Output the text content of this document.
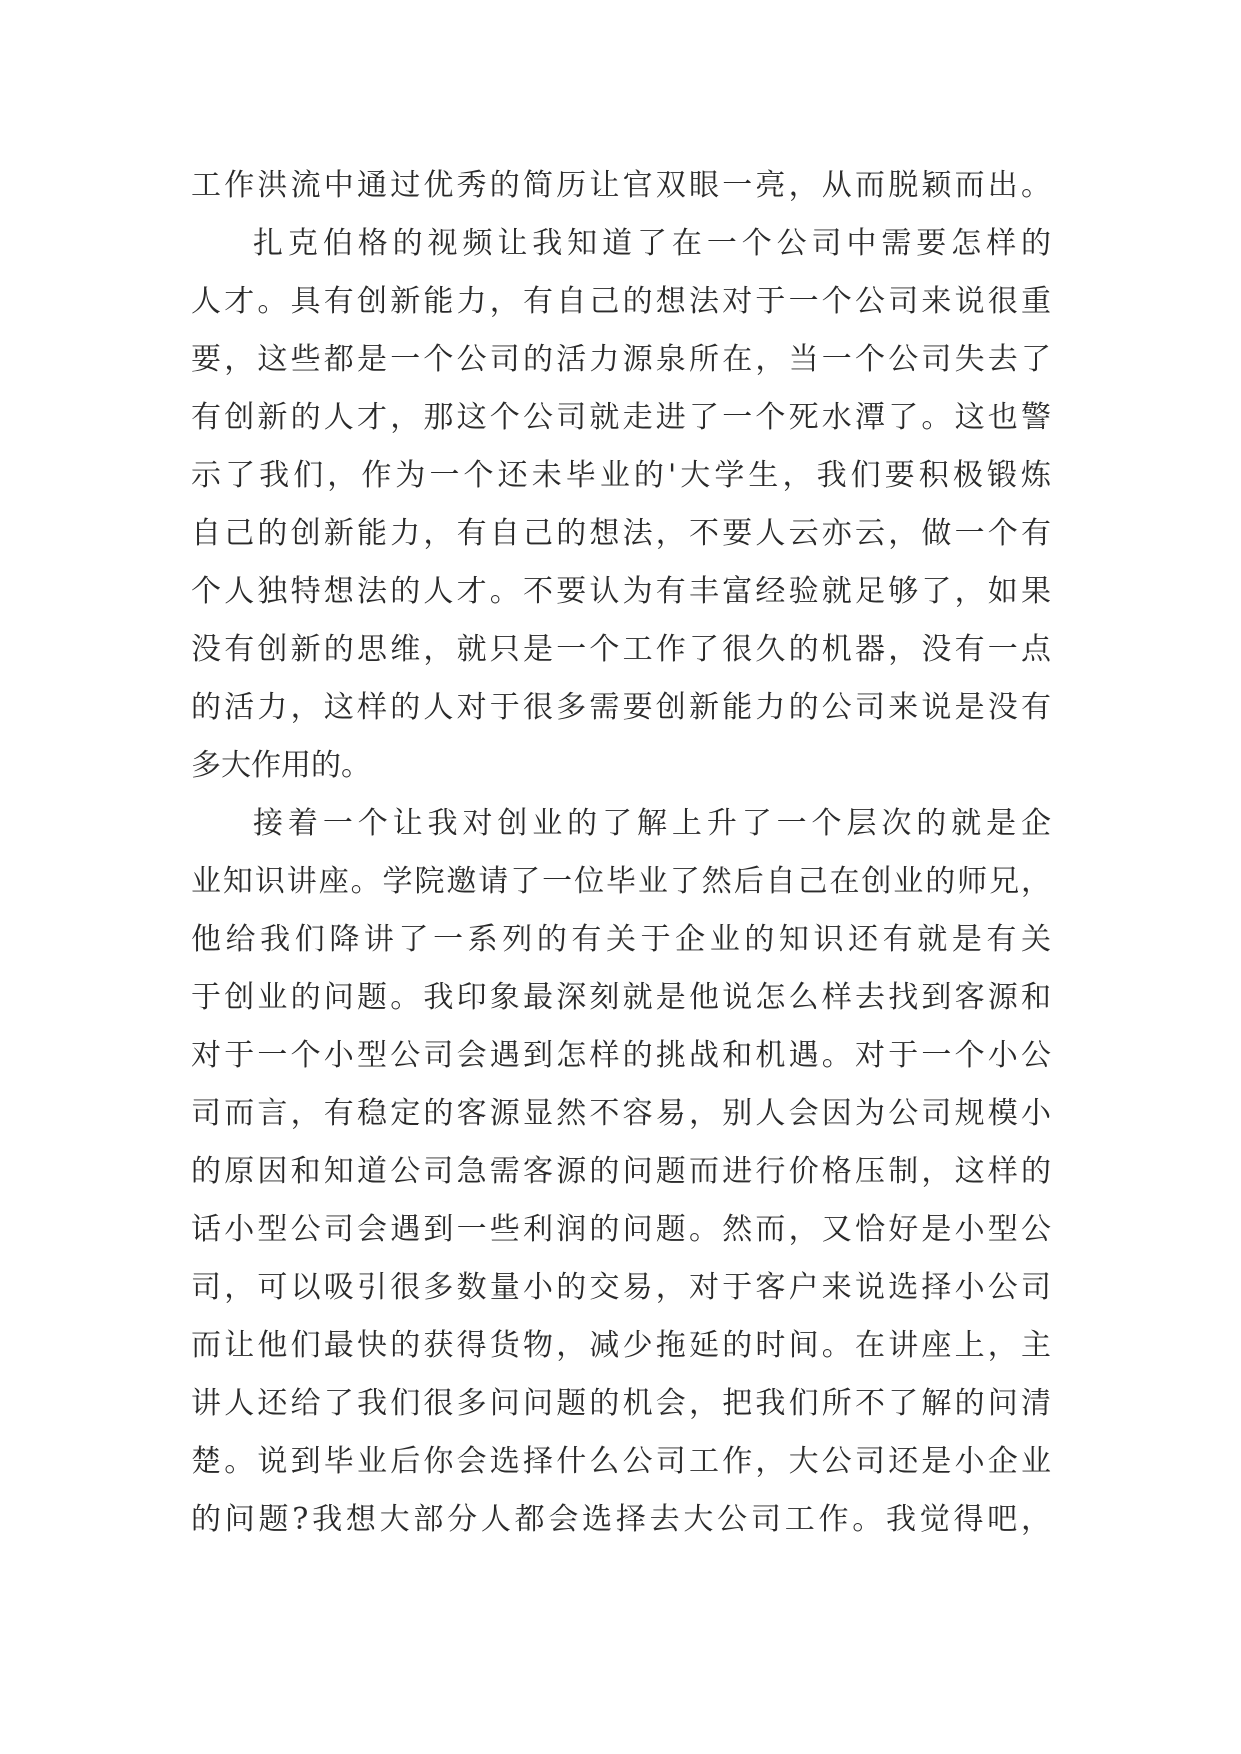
工作洪流中通过优秀的简历让官双眼一亮，从而脱颖而出。
扎克伯格的视频让我知道了在一个公司中需要怎样的
人才。具有创新能力，有自己的想法对于一个公司来说很重
要，这些都是一个公司的活力源泉所在，当一个公司失去了
有创新的人才，那这个公司就走进了一个死水潭了。这也警
示了我们，作为一个还未毕业的'大学生，我们要积极锻炼
自己的创新能力，有自己的想法，不要人云亦云，做一个有
个人独特想法的人才。不要认为有丰富经验就足够了，如果
没有创新的思维，就只是一个工作了很久的机器，没有一点
的活力，这样的人对于很多需要创新能力的公司来说是没有
多大作用的。
接着一个让我对创业的了解上升了一个层次的就是企
业知识讲座。学院邀请了一位毕业了然后自己在创业的师兄，
他给我们降讲了一系列的有关于企业的知识还有就是有关
于创业的问题。我印象最深刻就是他说怎么样去找到客源和
对于一个小型公司会遇到怎样的挑战和机遇。对于一个小公
司而言，有稳定的客源显然不容易，别人会因为公司规模小
的原因和知道公司急需客源的问题而进行价格压制，这样的
话小型公司会遇到一些利润的问题。然而，又恰好是小型公
司，可以吸引很多数量小的交易，对于客户来说选择小公司
而让他们最快的获得货物，减少拖延的时间。在讲座上，主
讲人还给了我们很多问问题的机会，把我们所不了解的问清
楚。说到毕业后你会选择什么公司工作，大公司还是小企业
的问题?我想大部分人都会选择去大公司工作。我觉得吧，
